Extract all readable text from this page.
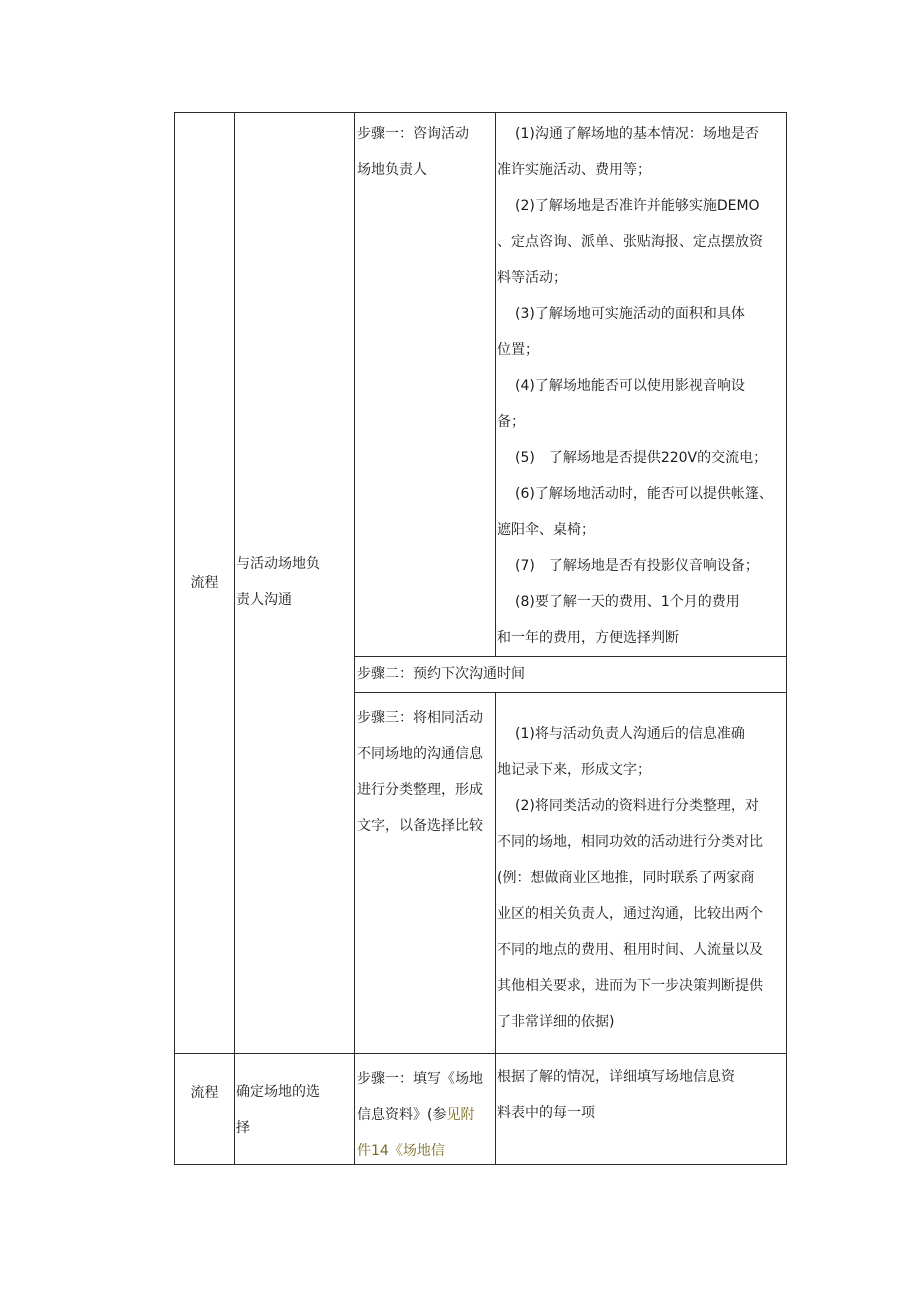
流程
与活动场地负
责人沟通
步骤一：咨询活动
场地负责人
(1)沟通了解场地的基本情况：场地是否
准许实施活动、费用等；
(2)了解场地是否准许并能够实施DEMO
、定点咨询、派单、张贴海报、定点摆放资
料等活动；
(3)了解场地可实施活动的面积和具体
位置；
(4)了解场地能否可以使用影视音响设
备；
(5)　了解场地是否提供220V的交流电；
(6)了解场地活动时，能否可以提供帐篷、
遮阳伞、桌椅；
(7)　了解场地是否有投影仪音响设备；
(8)要了解一天的费用、1个月的费用
和一年的费用，方便选择判断
步骤二：预约下次沟通时间
步骤三：将相同活动
不同场地的沟通信息
进行分类整理，形成
文字，以备选择比较
(1)将与活动负责人沟通后的信息准确
地记录下来，形成文字；
(2)将同类活动的资料进行分类整理，对
不同的场地，相同功效的活动进行分类对比
(例：想做商业区地推，同时联系了两家商
业区的相关负责人，通过沟通，比较出两个
不同的地点的费用、租用时间、人流量以及
其他相关要求，进而为下一步决策判断提供
了非常详细的依据)
流程 确定场地的选
择
步骤一：填写《场地
信息资料》(参见附
件14《场地信
根据了解的情况，详细填写场地信息资
料表中的每一项
